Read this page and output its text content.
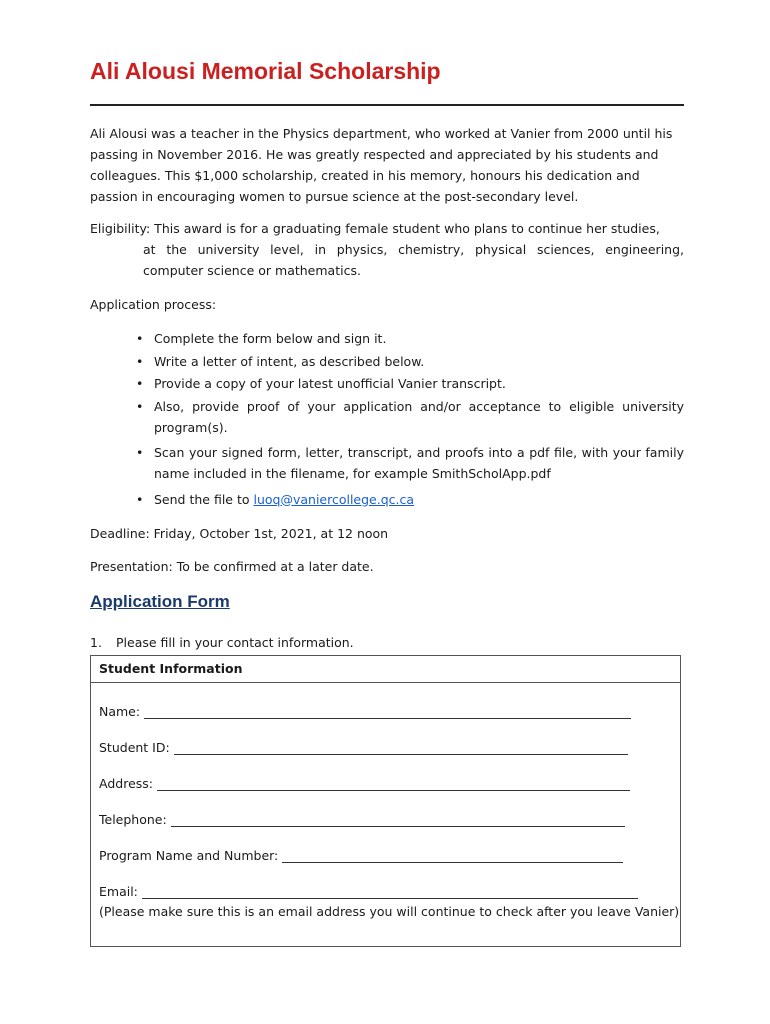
Ali Alousi Memorial Scholarship

Ali Alousi was a teacher in the Physics department, who worked at Vanier from 2000 until his passing in November 2016. He was greatly respected and appreciated by his students and colleagues. This $1,000 scholarship, created in his memory, honours his dedication and passion in encouraging women to pursue science at the post-secondary level.

Eligibility: This award is for a graduating female student who plans to continue her studies,
at the university level, in physics, chemistry, physical sciences, engineering, computer science or mathematics.

Application process:

• Complete the form below and sign it.
• Write a letter of intent, as described below.
• Provide a copy of your latest unofficial Vanier transcript.
• Also, provide proof of your application and/or acceptance to eligible university program(s).
• Scan your signed form, letter, transcript, and proofs into a pdf file, with your family name included in the filename, for example SmithScholApp.pdf
• Send the file to luoq@vaniercollege.qc.ca

Deadline: Friday, October 1st, 2021, at 12 noon

Presentation: To be confirmed at a later date.

Application Form

1. Please fill in your contact information.

Student Information
Name:
Student ID:
Address:
Telephone:
Program Name and Number:
Email:
(Please make sure this is an email address you will continue to check after you leave Vanier)
